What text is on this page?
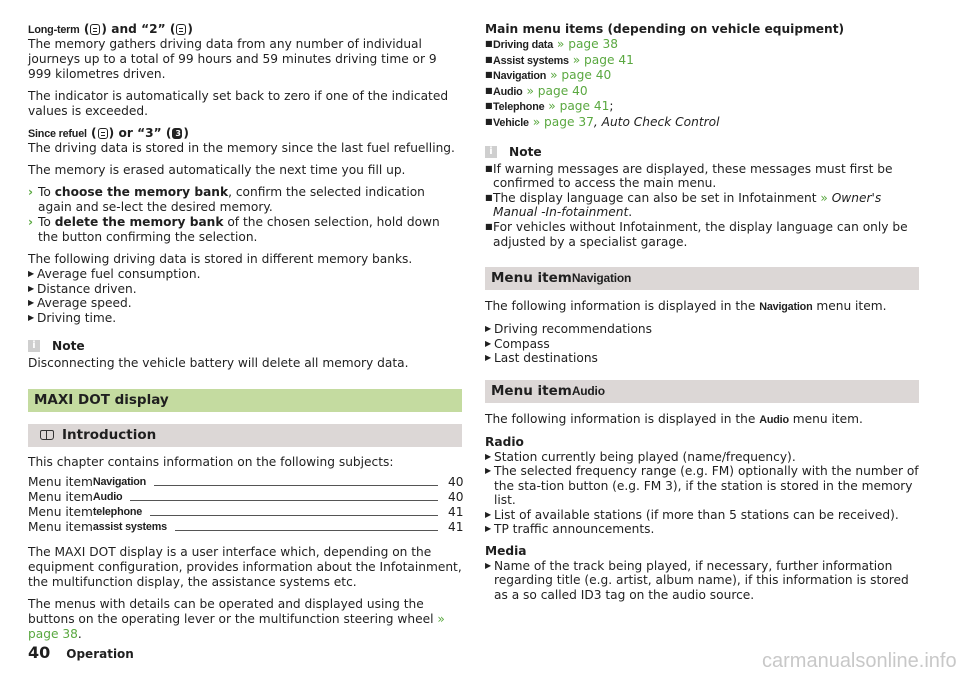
Long-term ( ) and “2” ( )

The memory gathers driving data from any number of individual journeys up to a total of 99 hours and 59 minutes driving time or 9 999 kilometres driven.

The indicator is automatically set back to zero if one of the indicated values is exceeded.

Since refuel ( ) or “3” ( 3 )

The driving data is stored in the memory since the last fuel refuelling.

The memory is erased automatically the next time you fill up.

› To choose the memory bank, confirm the selected indication again and se-lect the desired memory.
› To delete the memory bank of the chosen selection, hold down the button confirming the selection.

The following driving data is stored in different memory banks.

▶ Average fuel consumption.
▶ Distance driven.
▶ Average speed.
▶ Driving time.
i	Note

Disconnecting the vehicle battery will delete all memory data.

MAXI DOT display
Introduction

This chapter contains information on the following subjects:

Menu item Navigation	40
Menu item Audio	40
Menu item telephone	41
Menu item assist systems	41

The MAXI DOT display is a user interface which, depending on the equipment configuration, provides information about the Infotainment, the multifunction display, the assistance systems etc.

The menus with details can be operated and displayed using the buttons on the operating lever or the multifunction steering wheel » page 38.

Main menu items (depending on vehicle equipment)

■ Driving data » page 38
■ Assist systems » page 41
■ Navigation » page 40
■ Audio » page 40
■ Telephone » page 41;
■ Vehicle » page 37, Auto Check Control
i	Note
■ If warning messages are displayed, these messages must first be confirmed to access the main menu.
■ The display language can also be set in Infotainment » Owner's Manual -In-fotainment.
■ For vehicles without Infotainment, the display language can only be adjusted by a specialist garage.
Menu itemNavigation

The following information is displayed in the Navigation menu item.

▶ Driving recommendations
▶ Compass
▶ Last destinations
Menu itemAudio

The following information is displayed in the Audio menu item.

Radio
▶ Station currently being played (name/frequency).
▶ The selected frequency range (e.g. FM) optionally with the number of the sta-tion button (e.g. FM 3), if the station is stored in the memory list.
▶ List of available stations (if more than 5 stations can be received).
▶ TP traffic announcements.
Media
▶ Name of the track being played, if necessary, further information regarding title (e.g. artist, album name), if this information is stored as a so called ID3 tag on the audio source.
40 Operation	carmanualsonline.info
